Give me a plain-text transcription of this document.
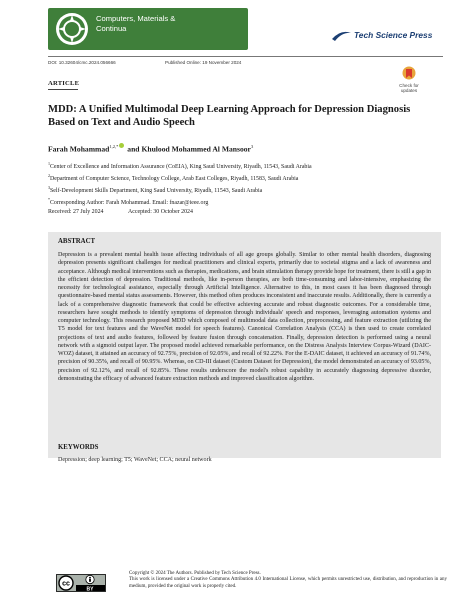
Computers, Materials &
Continua
Tech Science Press
DOI: 10.32604/cmc.2024.056666	Published Online: 19 November 2024
ARTICLE	Check for updates
MDD: A Unified Multimodal Deep Learning Approach for Depression Diagnosis Based on Text and Audio Speech
Farah Mohammad$^{1,2,*}$ and Khulood Mohammed Al Mansoor$^3$
$^1$Center of Excellence and Information Assurance (CoEIA), King Saud University, Riyadh, 11543, Saudi Arabia
$^2$Department of Computer Science, Technology College, Arab East Colleges, Riyadh, 11583, Saudi Arabia
$^3$Self-Development Skills Department, King Saud University, Riyadh, 11543, Saudi Arabia
*Corresponding Author: Farah Mohammad. Email: fnazar@ieee.org
Received: 27 July 2024	Accepted: 30 October 2024
ABSTRACT
Depression is a prevalent mental health issue affecting individuals of all age groups globally. Similar to other mental health disorders, diagnosing depression presents significant challenges for medical practitioners and clinical experts, primarily due to societal stigma and a lack of awareness and acceptance. Although medical interventions such as therapies, medications, and brain stimulation therapy provide hope for treatment, there is still a gap in the efficient detection of depression. Traditional methods, like in-person therapies, are both time-consuming and labor-intensive, emphasizing the necessity for technological assistance, especially through Artificial Intelligence. Alternative to this, in most cases it has been diagnosed through questionnaire-based mental status assessments. However, this method often produces inconsistent and inaccurate results. Additionally, there is currently a lack of a comprehensive diagnostic framework that could be effective achieving accurate and robust diagnostic outcomes. For a considerable time, researchers have sought methods to identify symptoms of depression through individuals' speech and responses, leveraging automation systems and computer technology. This research proposed MDD which composed of multimodal data collection, preprocessing, and feature extraction (utilizing the T5 model for text features and the WaveNet model for speech features). Canonical Correlation Analysis (CCA) is then used to create correlated projections of text and audio features, followed by feature fusion through concatenation. Finally, depression detection is performed using a neural network with a sigmoid output layer. The proposed model achieved remarkable performance, on the Distress Analysis Interview Corpus-Wizard (DAIC-WOZ) dataset, it attained an accuracy of 92.75%, precision of 92.05%, and recall of 92.22%. For the E-DAIC dataset, it achieved an accuracy of 91.74%, precision of 90.35%, and recall of 90.95%. Whereas, on CD-III dataset (Custom Dataset for Depression), the model demonstrated an accuracy of 93.05%, precision of 92.12%, and recall of 92.85%. These results underscore the model's robust capability in accurately diagnosing depressive disorder, demonstrating the efficacy of advanced feature extraction methods and improved classification algorithm.
KEYWORDS
Depression; deep learning; T5; WaveNet; CCA; neural network
cc
BY
Copyright © 2024 The Authors. Published by Tech Science Press.
This work is licensed under a Creative Commons Attribution 4.0 International License, which permits unrestricted use, distribution, and reproduction in any medium, provided the original work is properly cited.
